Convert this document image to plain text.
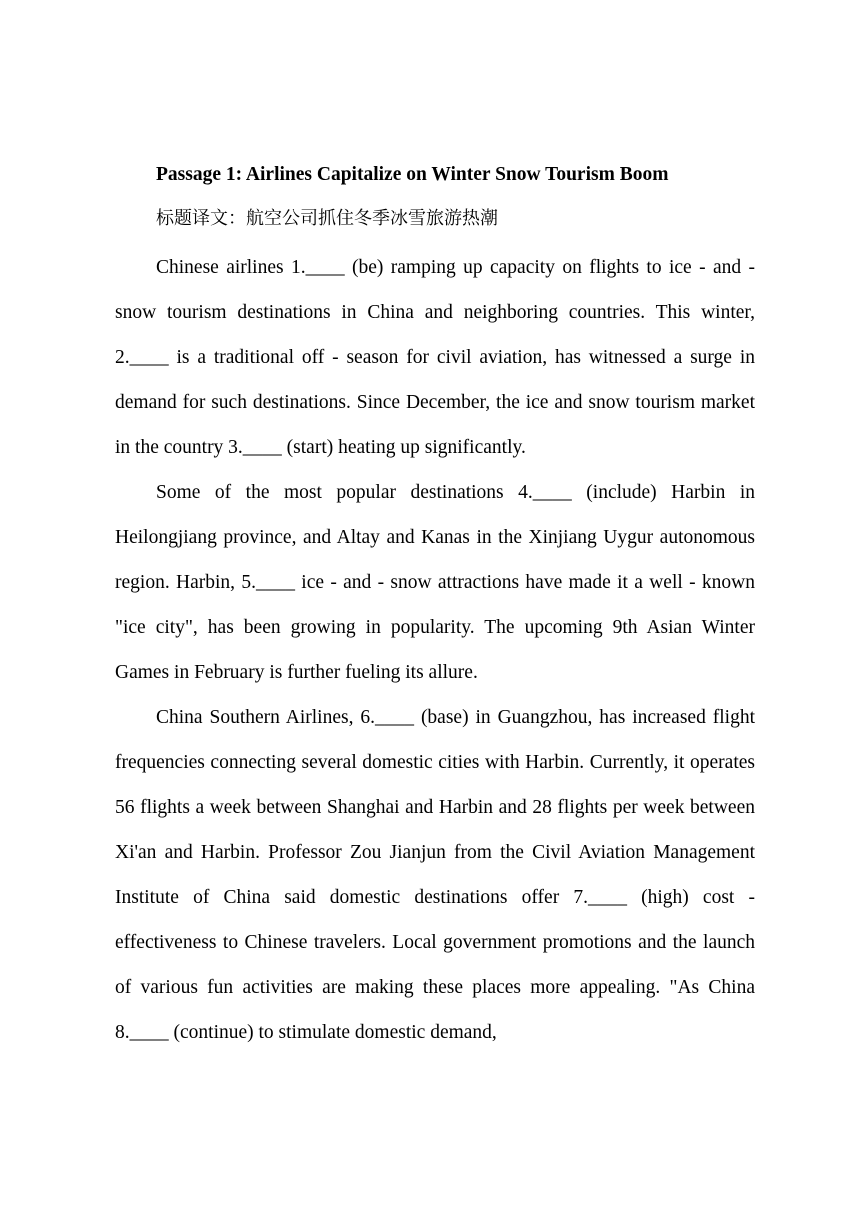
Passage 1: Airlines Capitalize on Winter Snow Tourism Boom
标题译文：航空公司抓住冬季冰雪旅游热潮

Chinese airlines 1.____ (be) ramping up capacity on flights to ice - and - snow tourism destinations in China and neighboring countries. This winter, 2.____ is a traditional off - season for civil aviation, has witnessed a surge in demand for such destinations. Since December, the ice and snow tourism market in the country 3.____ (start) heating up significantly.

Some of the most popular destinations 4.____ (include) Harbin in Heilongjiang province, and Altay and Kanas in the Xinjiang Uygur autonomous region. Harbin, 5.____ ice - and - snow attractions have made it a well - known "ice city", has been growing in popularity. The upcoming 9th Asian Winter Games in February is further fueling its allure.

China Southern Airlines, 6.____ (base) in Guangzhou, has increased flight frequencies connecting several domestic cities with Harbin. Currently, it operates 56 flights a week between Shanghai and Harbin and 28 flights per week between Xi'an and Harbin. Professor Zou Jianjun from the Civil Aviation Management Institute of China said domestic destinations offer 7.____ (high) cost - effectiveness to Chinese travelers. Local government promotions and the launch of various fun activities are making these places more appealing. "As China 8.____ (continue) to stimulate domestic demand,
